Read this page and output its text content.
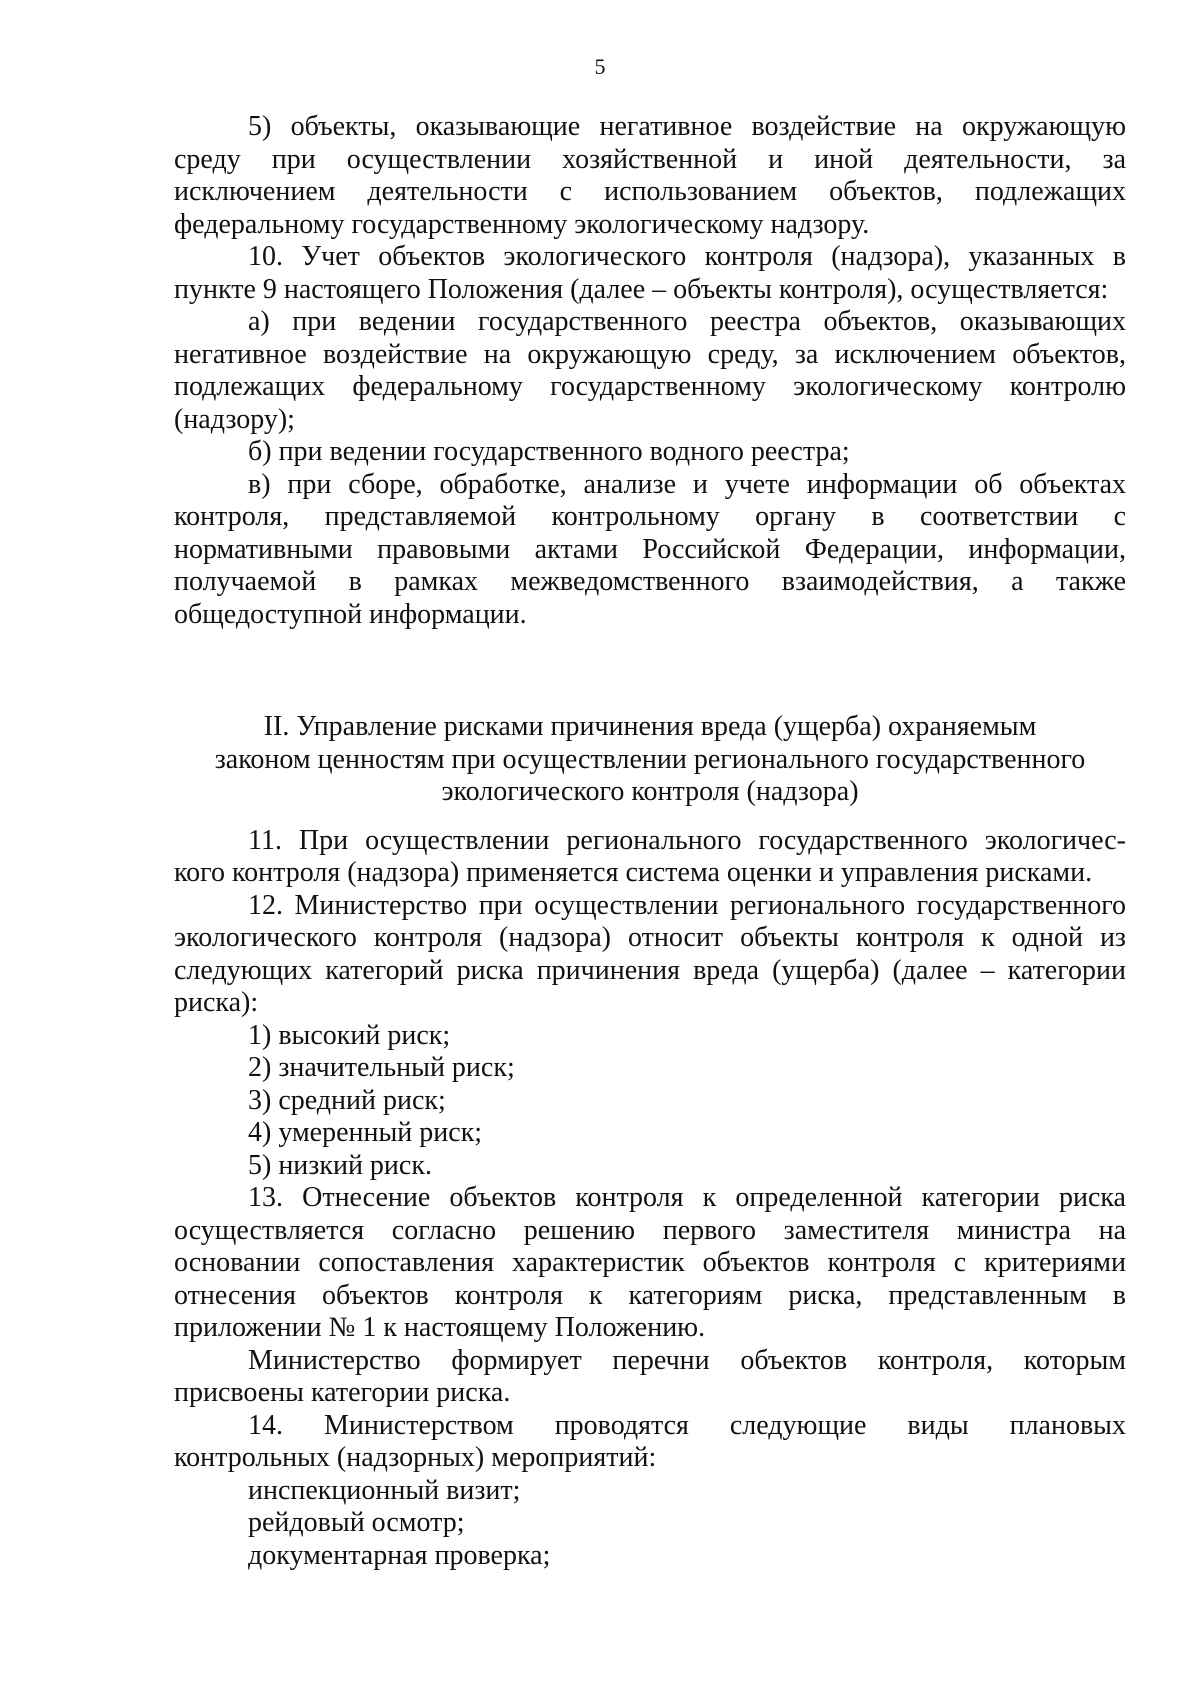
5
5) объекты, оказывающие негативное воздействие на окружающую
среду при осуществлении хозяйственной и иной деятельности, за
исключением деятельности с использованием объектов, подлежащих
федеральному государственному экологическому надзору.
10. Учет объектов экологического контроля (надзора), указанных в
пункте 9 настоящего Положения (далее – объекты контроля), осуществляется:
а) при ведении государственного реестра объектов, оказывающих
негативное воздействие на окружающую среду, за исключением объектов,
подлежащих федеральному государственному экологическому контролю
(надзору);
б) при ведении государственного водного реестра;
в) при сборе, обработке, анализе и учете информации об объектах
контроля, представляемой контрольному органу в соответствии с
нормативными правовыми актами Российской Федерации, информации,
получаемой в рамках межведомственного взаимодействия, а также
общедоступной информации.
II. Управление рисками причинения вреда (ущерба) охраняемым
законом ценностям при осуществлении регионального государственного
экологического контроля (надзора)
11. При осуществлении регионального государственного экологичес-
кого контроля (надзора) применяется система оценки и управления рисками.
12. Министерство при осуществлении регионального государственного
экологического контроля (надзора) относит объекты контроля к одной из
следующих категорий риска причинения вреда (ущерба) (далее – категории
риска):
1) высокий риск;
2) значительный риск;
3) средний риск;
4) умеренный риск;
5) низкий риск.
13. Отнесение объектов контроля к определенной категории риска
осуществляется согласно решению первого заместителя министра на
основании сопоставления характеристик объектов контроля с критериями
отнесения объектов контроля к категориям риска, представленным в
приложении № 1 к настоящему Положению.
Министерство формирует перечни объектов контроля, которым
присвоены категории риска.
14. Министерством проводятся следующие виды плановых
контрольных (надзорных) мероприятий:
инспекционный визит;
рейдовый осмотр;
документарная проверка;
